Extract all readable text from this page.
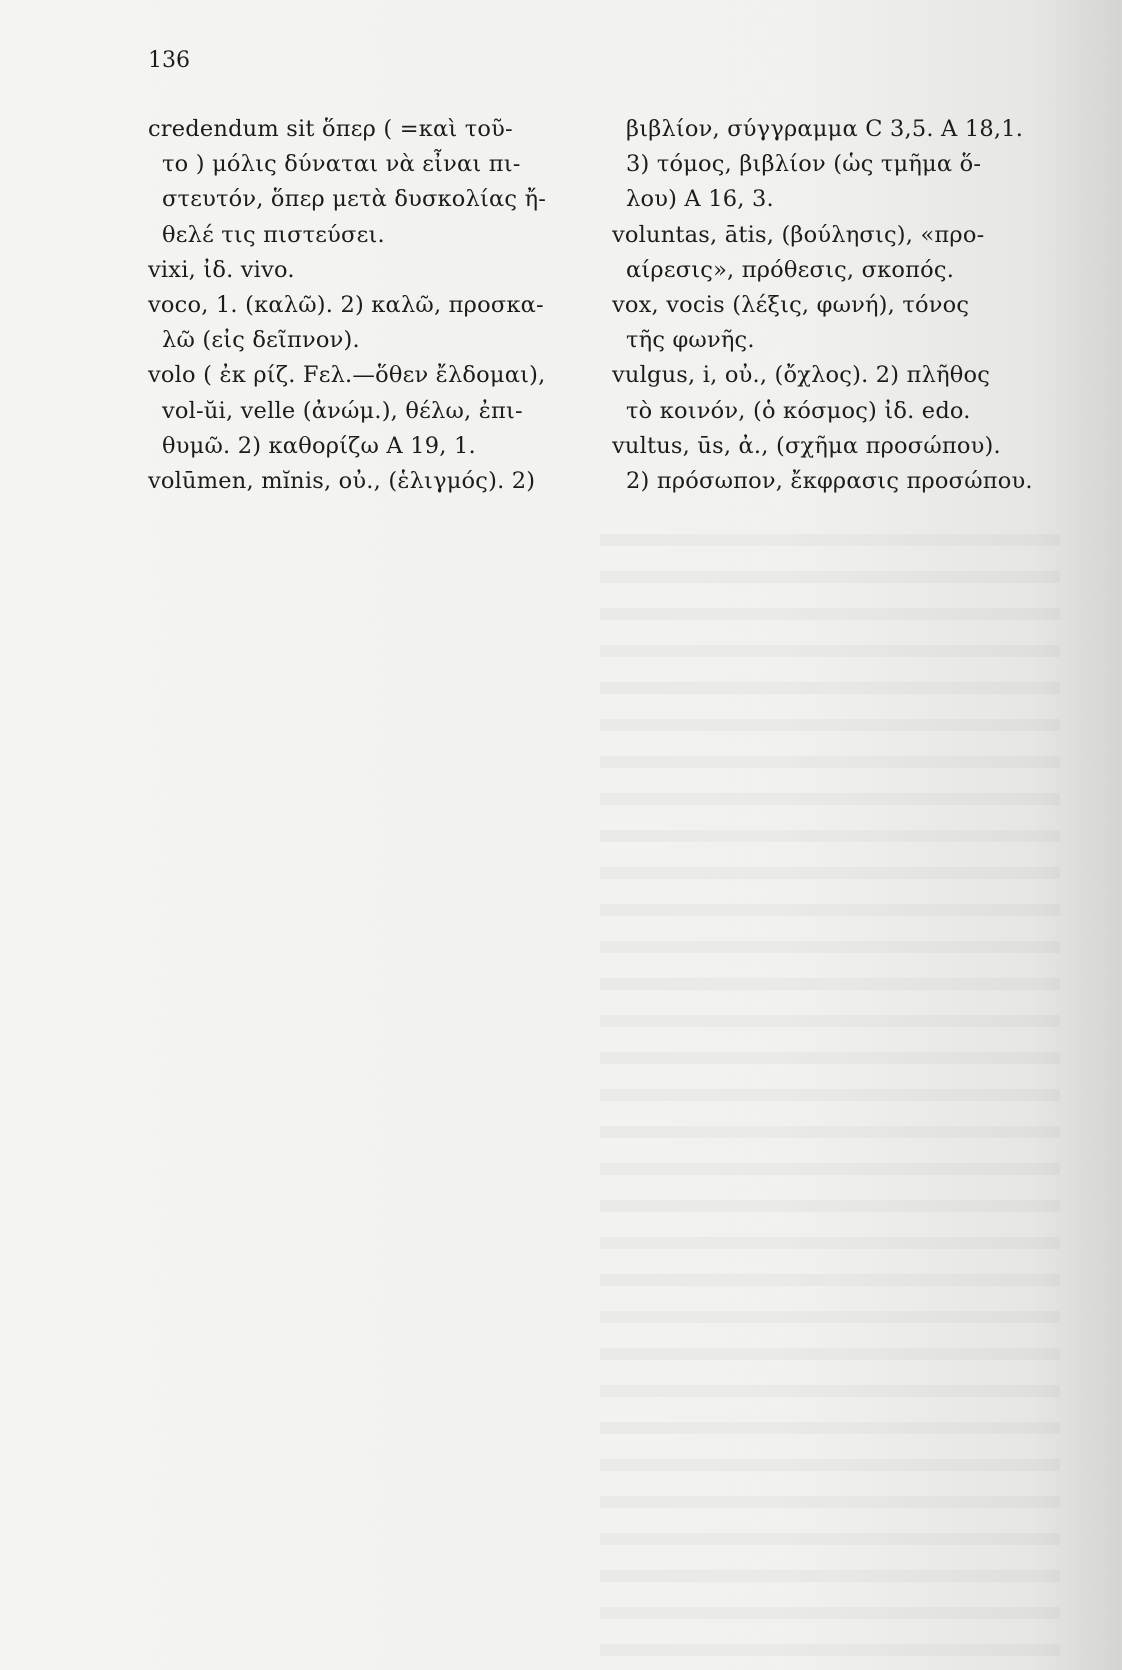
136
credendum sit ὅπερ ( =καὶ τοῦ-
το ) μόλις δύναται νὰ εἶναι πι-
στευτόν, ὅπερ μετὰ δυσκολίας ἤ-
θελέ τις πιστεύσει.
vixi, ἰδ. vivo.
voco, 1. (καλῶ). 2) καλῶ, προσκα-
λῶ (εἰς δεῖπνον).
volo ( ἐκ ρίζ. Fελ.—ὅθεν ἔλδομαι),
vol-ŭi, velle (ἀνώμ.), θέλω, ἐπι-
θυμῶ. 2) καθορίζω A 19, 1.
volūmen, mĭnis, οὐ., (ἑλιγμός). 2)
βιβλίον, σύγγραμμα C 3,5. A 18,1.
3) τόμος, βιβλίον (ὡς τμῆμα ὅ-
λου) A 16, 3.
voluntas, ātis, (βούλησις), «προ-
αίρεσις», πρόθεσις, σκοπός.
vox, vocis (λέξις, φωνή), τόνος
τῆς φωνῆς.
vulgus, i, οὐ., (ὄχλος). 2) πλῆθος
τὸ κοινόν, (ὁ κόσμος) ἰδ. edo.
vultus, ūs, ἀ., (σχῆμα προσώπου).
2) πρόσωπον, ἔκφρασις προσώπου.
